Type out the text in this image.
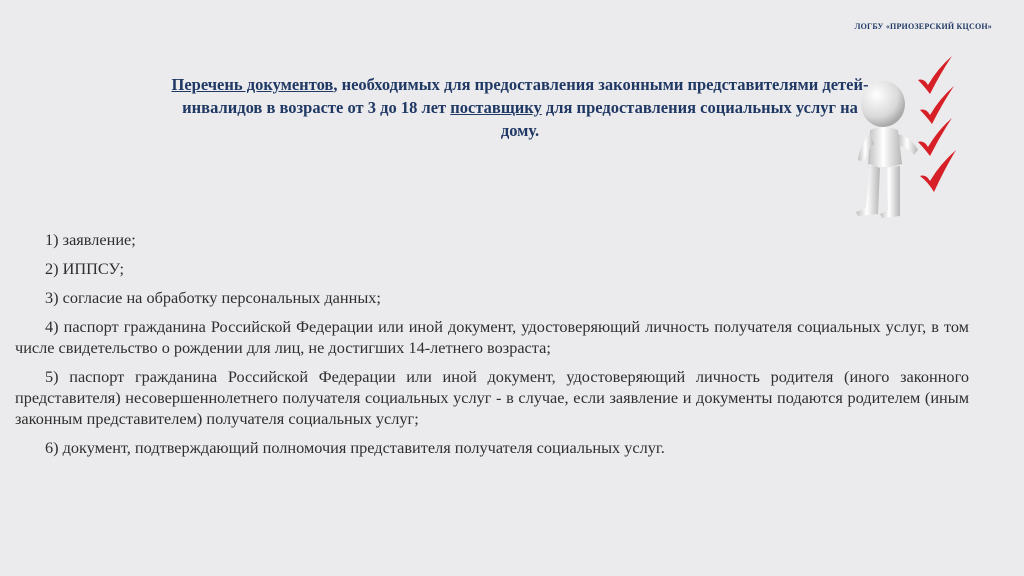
ЛОГБУ «ПРИОЗЕРСКИЙ КЦСОН»
Перечень документов, необходимых для предоставления законными представителями детей-инвалидов в возрасте от 3 до 18 лет поставщику для предоставления социальных услуг на дому.
1) заявление;
2) ИППСУ;
3) согласие на обработку персональных данных;
4) паспорт гражданина Российской Федерации или иной документ, удостоверяющий личность получателя социальных услуг, в том числе свидетельство о рождении для лиц, не достигших 14-летнего возраста;
5) паспорт гражданина Российской Федерации или иной документ, удостоверяющий личность родителя (иного законного представителя) несовершеннолетнего получателя социальных услуг - в случае, если заявление и документы подаются родителем (иным законным представителем) получателя социальных услуг;
6) документ, подтверждающий полномочия представителя получателя социальных услуг.
